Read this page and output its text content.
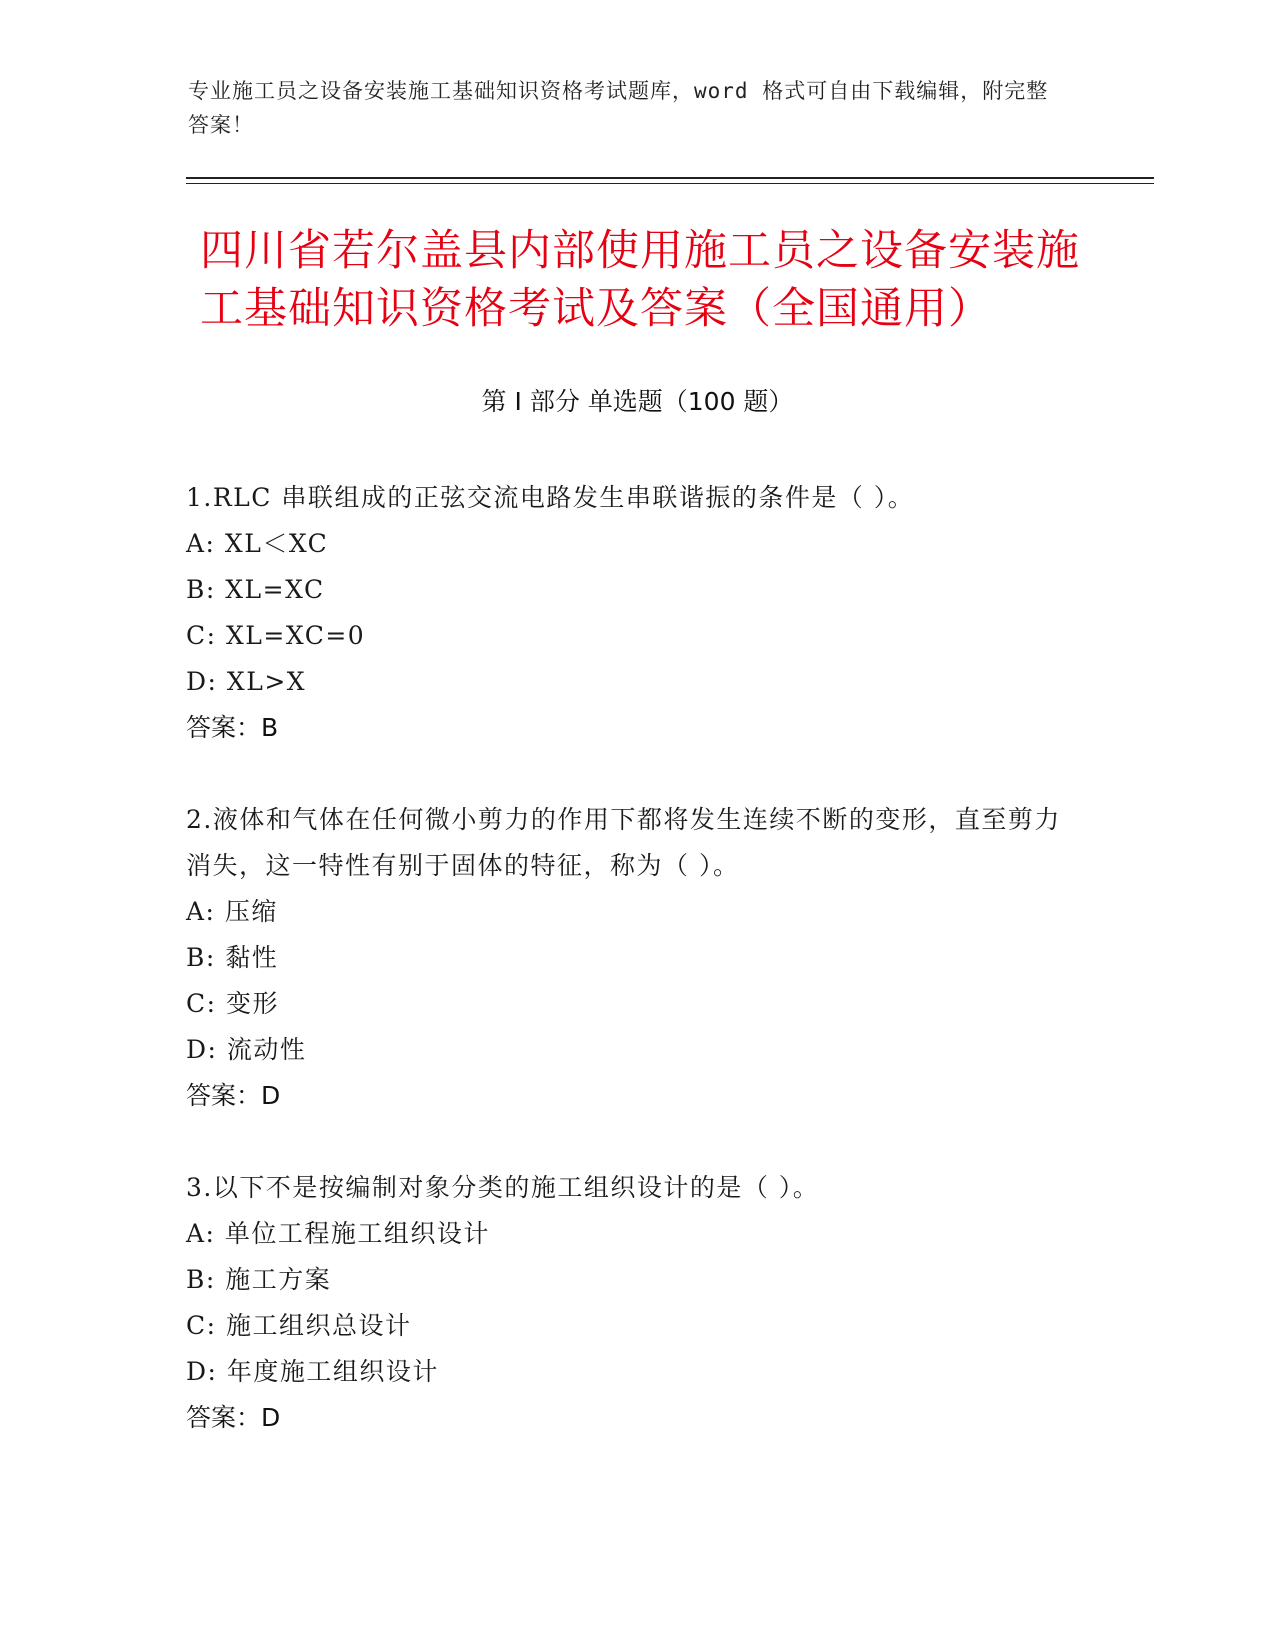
专业施工员之设备安装施工基础知识资格考试题库，word 格式可自由下载编辑，附完整答案！
四川省若尔盖县内部使用施工员之设备安装施工基础知识资格考试及答案（全国通用）
第 I 部分 单选题（100 题）
1.RLC 串联组成的正弦交流电路发生串联谐振的条件是（ ）。
A: XL＜XC
B: XL=XC
C: XL=XC=0
D: XL>X
答案：B
2.液体和气体在任何微小剪力的作用下都将发生连续不断的变形，直至剪力消失，这一特性有别于固体的特征，称为（ ）。
A: 压缩
B: 黏性
C: 变形
D: 流动性
答案：D
3.以下不是按编制对象分类的施工组织设计的是（ ）。
A: 单位工程施工组织设计
B: 施工方案
C: 施工组织总设计
D: 年度施工组织设计
答案：D
